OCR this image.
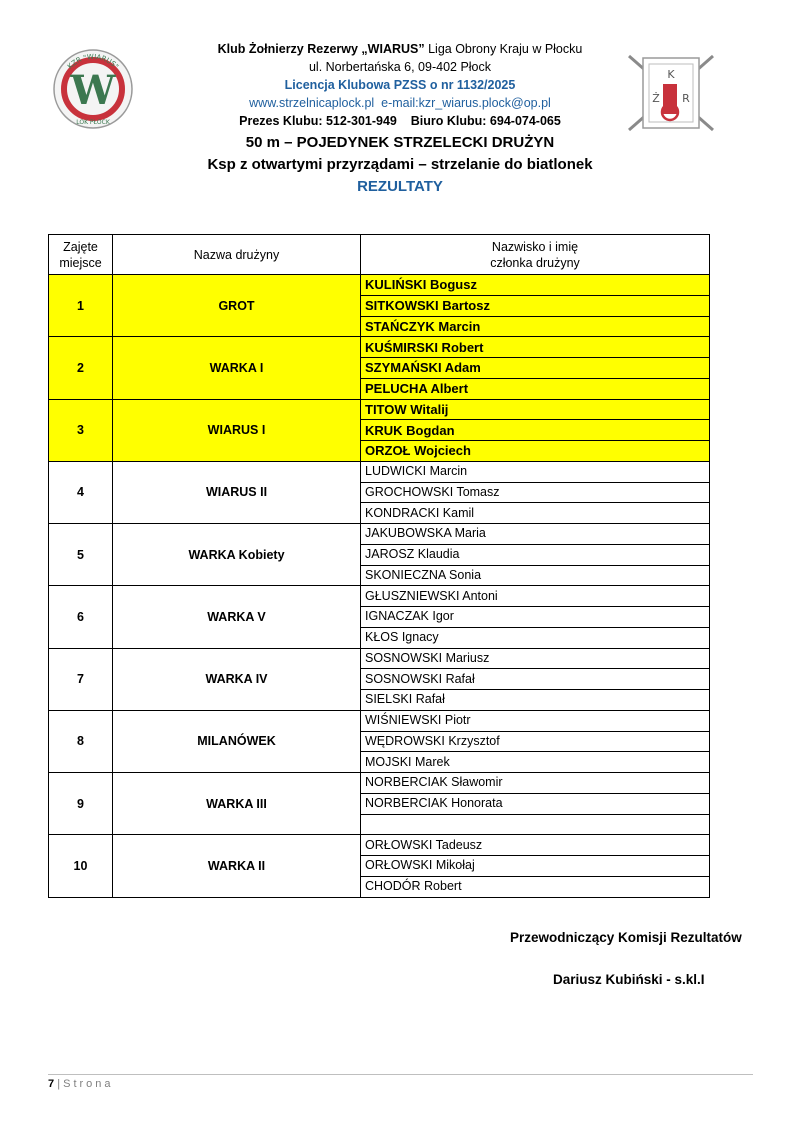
KZR "WIARUS"
LOK PŁOCK
W	K
Ż R
Klub Żołnierzy Rezerwy „WIARUS” Liga Obrony Kraju w Płocku
ul. Norbertańska 6, 09-402 Płock
Licencja Klubowa PZSS o nr 1132/2025
www.strzelnicaplock.pl e-mail:kzr_wiarus.plock@op.pl
Prezes Klubu: 512-301-949 Biuro Klubu: 694-074-065
50 m – POJEDYNEK STRZELECKI DRUŻYN
Ksp z otwartymi przyrządami – strzelanie do biatlonek
REZULTATY
Zajęte
miejsce	Nazwa drużyny	Nazwisko i imię
członka drużyny
1	GROT	KULIŃSKI Bogusz
		SITKOWSKI Bartosz
		STAŃCZYK Marcin
2	WARKA I	KUŚMIRSKI Robert
		SZYMAŃSKI Adam
		PELUCHA Albert
3	WIARUS I	TITOW Witalij
		KRUK Bogdan
		ORZOŁ Wojciech
4	WIARUS II	LUDWICKI Marcin
		GROCHOWSKI Tomasz
		KONDRACKI Kamil
5	WARKA Kobiety	JAKUBOWSKA Maria
		JAROSZ Klaudia
		SKONIECZNA Sonia
6	WARKA V	GŁUSZNIEWSKI Antoni
		IGNACZAK Igor
		KŁOS Ignacy
7	WARKA IV	SOSNOWSKI Mariusz
		SOSNOWSKI Rafał
		SIELSKI Rafał
8	MILANÓWEK	WIŚNIEWSKI Piotr
		WĘDROWSKI Krzysztof
		MOJSKI Marek
9	WARKA III	NORBERCIAK Sławomir
		NORBERCIAK Honorata

10	WARKA II	ORŁOWSKI Tadeusz
		ORŁOWSKI Mikołaj
		CHODÓR Robert
Przewodniczący Komisji Rezultatów
Dariusz Kubiński - s.kl.I
7 | Strona
